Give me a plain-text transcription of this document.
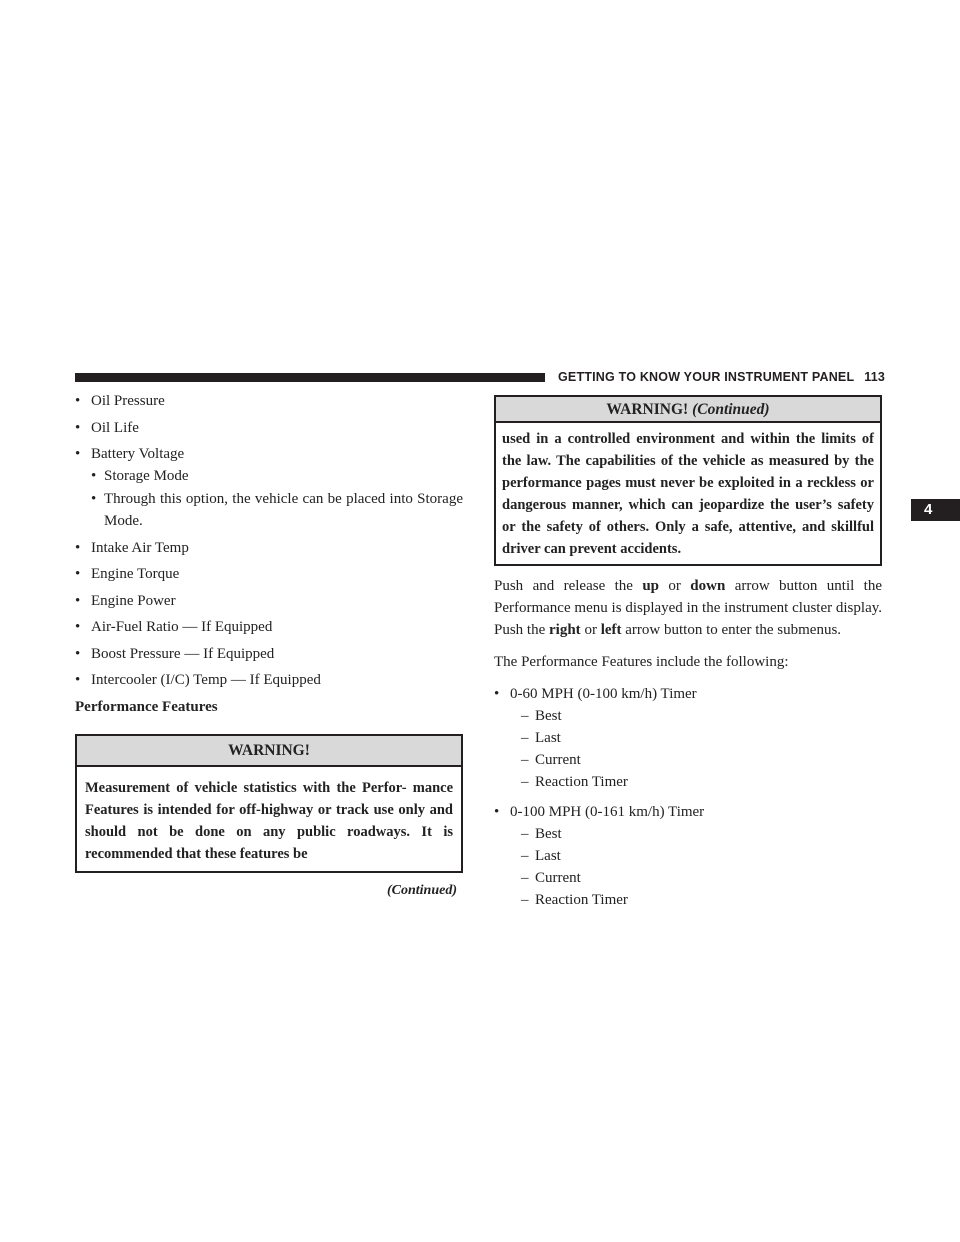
GETTING TO KNOW YOUR INSTRUMENT PANEL 113
4
• Oil Pressure
• Oil Life
• Battery Voltage
• Storage Mode
• Through this option, the vehicle can be placed into Storage Mode.
• Intake Air Temp
• Engine Torque
• Engine Power
• Air-Fuel Ratio — If Equipped
• Boost Pressure — If Equipped
• Intercooler (I/C) Temp — If Equipped
Performance Features
WARNING!
Measurement of vehicle statistics with the Perfor- mance Features is intended for off-highway or track use only and should not be done on any public roadways. It is recommended that these features be
(Continued)
WARNING! (Continued)
used in a controlled environment and within the limits of the law. The capabilities of the vehicle as measured by the performance pages must never be exploited in a reckless or dangerous manner, which can jeopardize the user’s safety or the safety of others. Only a safe, attentive, and skillful driver can prevent accidents.

Push and release the up or down arrow button until the Performance menu is displayed in the instrument cluster display. Push the right or left arrow button to enter the submenus.

The Performance Features include the following:

• 0-60 MPH (0-100 km/h) Timer
– Best
– Last
– Current
– Reaction Timer
• 0-100 MPH (0-161 km/h) Timer
– Best
– Last
– Current
– Reaction Timer
